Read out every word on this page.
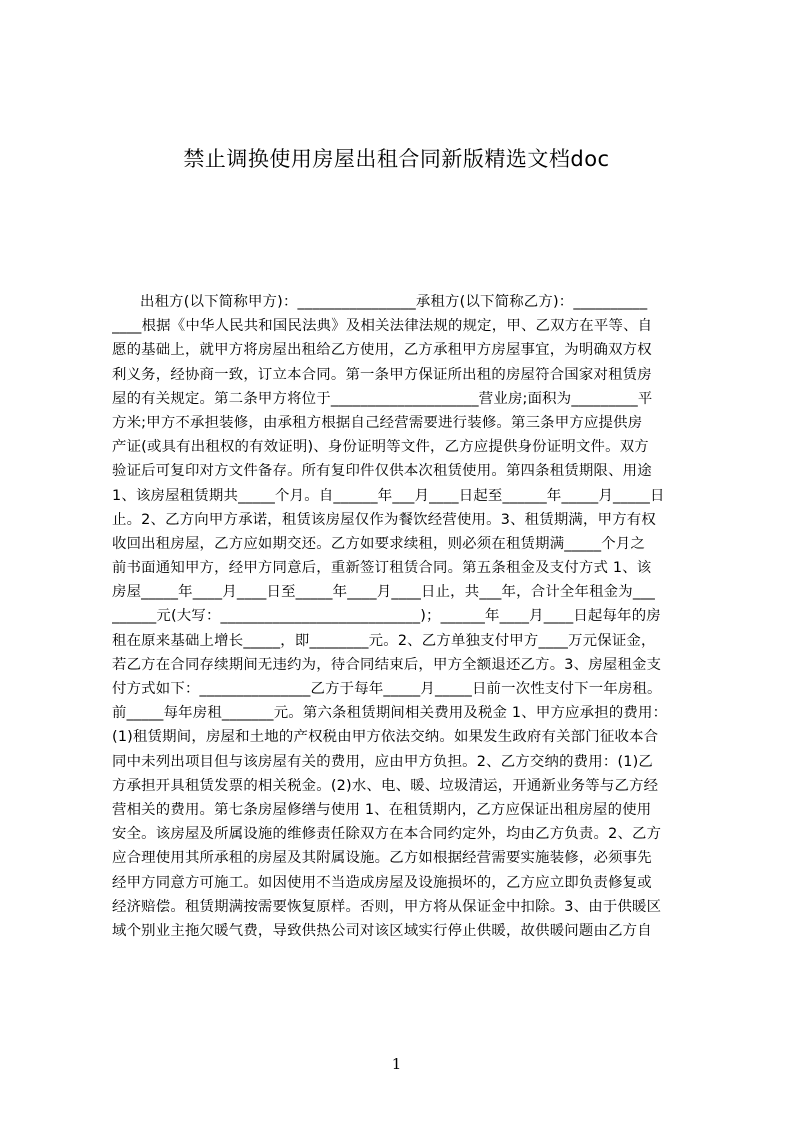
禁止调换使用房屋出租合同新版精选文档doc
出租方(以下简称甲方)：________________承租方(以下简称乙方)：__________
____根据《中华人民共和国民法典》及相关法律法规的规定，甲、乙双方在平等、自
愿的基础上，就甲方将房屋出租给乙方使用，乙方承租甲方房屋事宜，为明确双方权
利义务，经协商一致，订立本合同。第一条甲方保证所出租的房屋符合国家对租赁房
屋的有关规定。第二条甲方将位于____________________营业房;面积为_________平
方米;甲方不承担装修，由承租方根据自己经营需要进行装修。第三条甲方应提供房
产证(或具有出租权的有效证明)、身份证明等文件，乙方应提供身份证明文件。双方
验证后可复印对方文件备存。所有复印件仅供本次租赁使用。第四条租赁期限、用途
1、该房屋租赁期共_____个月。自______年___月____日起至______年_____月_____日
止。2、乙方向甲方承诺，租赁该房屋仅作为餐饮经营使用。3、租赁期满，甲方有权
收回出租房屋，乙方应如期交还。乙方如要求续租，则必须在租赁期满_____个月之
前书面通知甲方，经甲方同意后，重新签订租赁合同。第五条租金及支付方式 1、该
房屋_____年____月____日至_____年____月____日止，共___年，合计全年租金为___
______元(大写：___________________________)；______年____月____日起每年的房
租在原来基础上增长_____，即________元。2、乙方单独支付甲方____万元保证金，
若乙方在合同存续期间无违约为，待合同结束后，甲方全额退还乙方。3、房屋租金支
付方式如下：_______________乙方于每年_____月_____日前一次性支付下一年房租。
前_____每年房租_______元。第六条租赁期间相关费用及税金 1、甲方应承担的费用：
(1)租赁期间，房屋和土地的产权税由甲方依法交纳。如果发生政府有关部门征收本合
同中未列出项目但与该房屋有关的费用，应由甲方负担。2、乙方交纳的费用：(1)乙
方承担开具租赁发票的相关税金。(2)水、电、暖、垃圾清运，开通新业务等与乙方经
营相关的费用。第七条房屋修缮与使用 1、在租赁期内，乙方应保证出租房屋的使用
安全。该房屋及所属设施的维修责任除双方在本合同约定外，均由乙方负责。2、乙方
应合理使用其所承租的房屋及其附属设施。乙方如根据经营需要实施装修，必须事先
经甲方同意方可施工。如因使用不当造成房屋及设施损坏的，乙方应立即负责修复或
经济赔偿。租赁期满按需要恢复原样。否则，甲方将从保证金中扣除。3、由于供暖区
域个别业主拖欠暖气费，导致供热公司对该区域实行停止供暖，故供暖问题由乙方自
1
